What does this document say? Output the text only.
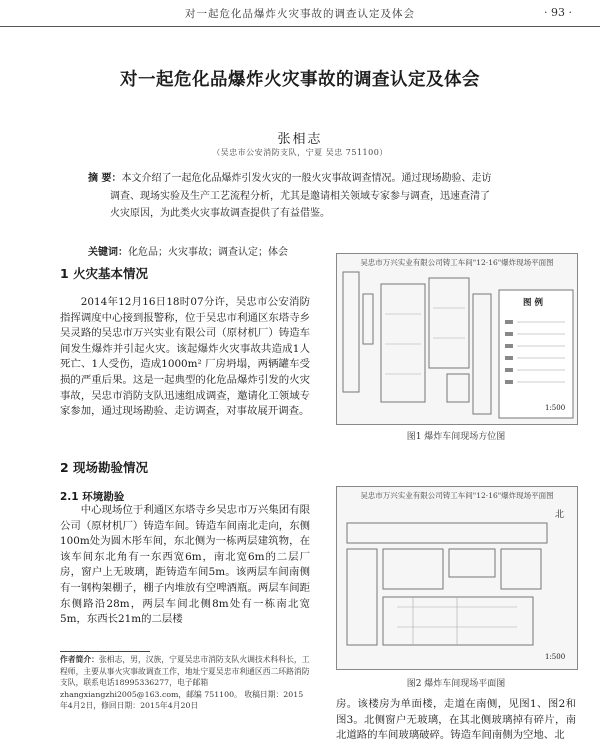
对一起危化品爆炸火灾事故的调查认定及体会	· 93 ·
对一起危化品爆炸火灾事故的调查认定及体会
张相志
（吴忠市公安消防支队，宁夏 吴忠 751100）
摘 要：本文介绍了一起危化品爆炸引发火灾的一般火灾事故调查情况。通过现场勘验、走访
调查、现场实验及生产工艺流程分析，尤其是邀请相关领域专家参与调查，迅速查清了
火灾原因，为此类火灾事故调查提供了有益借鉴。
关键词：化危品；火灾事故；调查认定；体会
1 火灾基本情况

2014年12月16日18时07分许，吴忠市公安消防指挥调度中心接到报警称，位于吴忠市利通区东塔寺乡吴灵路的吴忠市万兴实业有限公司（原材机厂）铸造车间发生爆炸并引起火灾。该起爆炸火灾事故共造成1人死亡、1人受伤，造成1000m² 厂房坍塌，两辆罐车受损的严重后果。这是一起典型的化危品爆炸引发的火灾事故，吴忠市消防支队迅速组成调查，邀请化工领域专家参加，通过现场勘验、走访调查，对事故展开调查。

2 现场勘验情况
2.1 环境勘验

中心现场位于利通区东塔寺乡吴忠市万兴集团有限公司（原材机厂）铸造车间。铸造车间南北走向，东侧100m处为圆木彤车间，东北侧为一栋两层建筑物，在该车间东北角有一东西宽6m，南北宽6m的二层厂房，窗户上无玻璃，距铸造车间5m。该两层车间南侧有一钢构架棚子，棚子内堆放有空啤酒瓶。两层车间距东侧路沿28m，两层车间北侧8m处有一栋南北宽5m，东西长21m的二层楼

作者简介：张相志，男，汉族，宁夏吴忠市消防支队火调技术科科长，工程师，主要从事火灾事故调查工作，地址宁夏吴忠市利通区西二环路消防支队，联系电话18995336277，电子邮箱 zhangxiangzhi2005@163.com，邮编 751100。 收稿日期：2015年4月2日，修回日期：2015年4月20日
吴忠市万兴实业有限公司铸工车间"12·16"爆炸现场平面图
图 例
1:500
图1 爆炸车间现场方位图
吴忠市万兴实业有限公司铸工车间"12·16"爆炸现场平面图
北
1:500
图2 爆炸车间现场平面图
房。该楼房为单面楼，走道在南侧，见图1、图2和图3。北侧窗户无玻璃，在其北侧玻璃掉有碎片，南北道路的车间玻璃破碎。铸造车间南侧为空地、北
